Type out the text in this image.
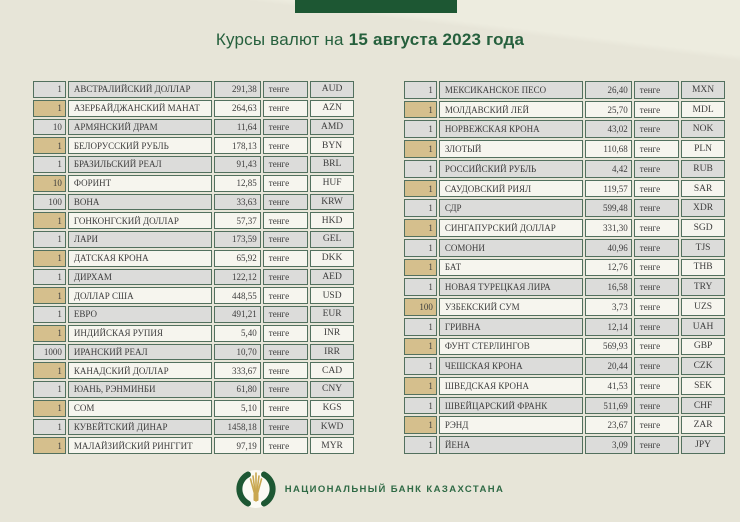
Курсы валют на 15 августа 2023 года
1	АВСТРАЛИЙСКИЙ ДОЛЛАР	291,38	тенге	AUD
1	АЗЕРБАЙДЖАНСКИЙ МАНАТ	264,63	тенге	AZN
10	АРМЯНСКИЙ ДРАМ	11,64	тенге	AMD
1	БЕЛОРУССКИЙ РУБЛЬ	178,13	тенге	BYN
1	БРАЗИЛЬСКИЙ РЕАЛ	91,43	тенге	BRL
10	ФОРИНТ	12,85	тенге	HUF
100	ВОНА	33,63	тенге	KRW
1	ГОНКОНГСКИЙ ДОЛЛАР	57,37	тенге	HKD
1	ЛАРИ	173,59	тенге	GEL
1	ДАТСКАЯ КРОНА	65,92	тенге	DKK
1	ДИРХАМ	122,12	тенге	AED
1	ДОЛЛАР США	448,55	тенге	USD
1	ЕВРО	491,21	тенге	EUR
1	ИНДИЙСКАЯ РУПИЯ	5,40	тенге	INR
1000	ИРАНСКИЙ РЕАЛ	10,70	тенге	IRR
1	КАНАДСКИЙ ДОЛЛАР	333,67	тенге	CAD
1	ЮАНЬ, РЭНМИНБИ	61,80	тенге	CNY
1	СОМ	5,10	тенге	KGS
1	КУВЕЙТСКИЙ ДИНАР	1458,18	тенге	KWD
1	МАЛАЙЗИЙСКИЙ РИНГГИТ	97,19	тенге	MYR
1	МЕКСИКАНСКОЕ ПЕСО	26,40	тенге	MXN
1	МОЛДАВСКИЙ ЛЕЙ	25,70	тенге	MDL
1	НОРВЕЖСКАЯ КРОНА	43,02	тенге	NOK
1	ЗЛОТЫЙ	110,68	тенге	PLN
1	РОССИЙСКИЙ РУБЛЬ	4,42	тенге	RUB
1	САУДОВСКИЙ РИЯЛ	119,57	тенге	SAR
1	СДР	599,48	тенге	XDR
1	СИНГАПУРСКИЙ ДОЛЛАР	331,30	тенге	SGD
1	СОМОНИ	40,96	тенге	TJS
1	БАТ	12,76	тенге	THB
1	НОВАЯ ТУРЕЦКАЯ ЛИРА	16,58	тенге	TRY
100	УЗБЕКСКИЙ СУМ	3,73	тенге	UZS
1	ГРИВНА	12,14	тенге	UAH
1	ФУНТ СТЕРЛИНГОВ	569,93	тенге	GBP
1	ЧЕШСКАЯ КРОНА	20,44	тенге	CZK
1	ШВЕДСКАЯ КРОНА	41,53	тенге	SEK
1	ШВЕЙЦАРСКИЙ ФРАНК	511,69	тенге	CHF
1	РЭНД	23,67	тенге	ZAR
1	ЙЕНА	3,09	тенге	JPY
НАЦИОНАЛЬНЫЙ БАНК КАЗАХСТАНА
